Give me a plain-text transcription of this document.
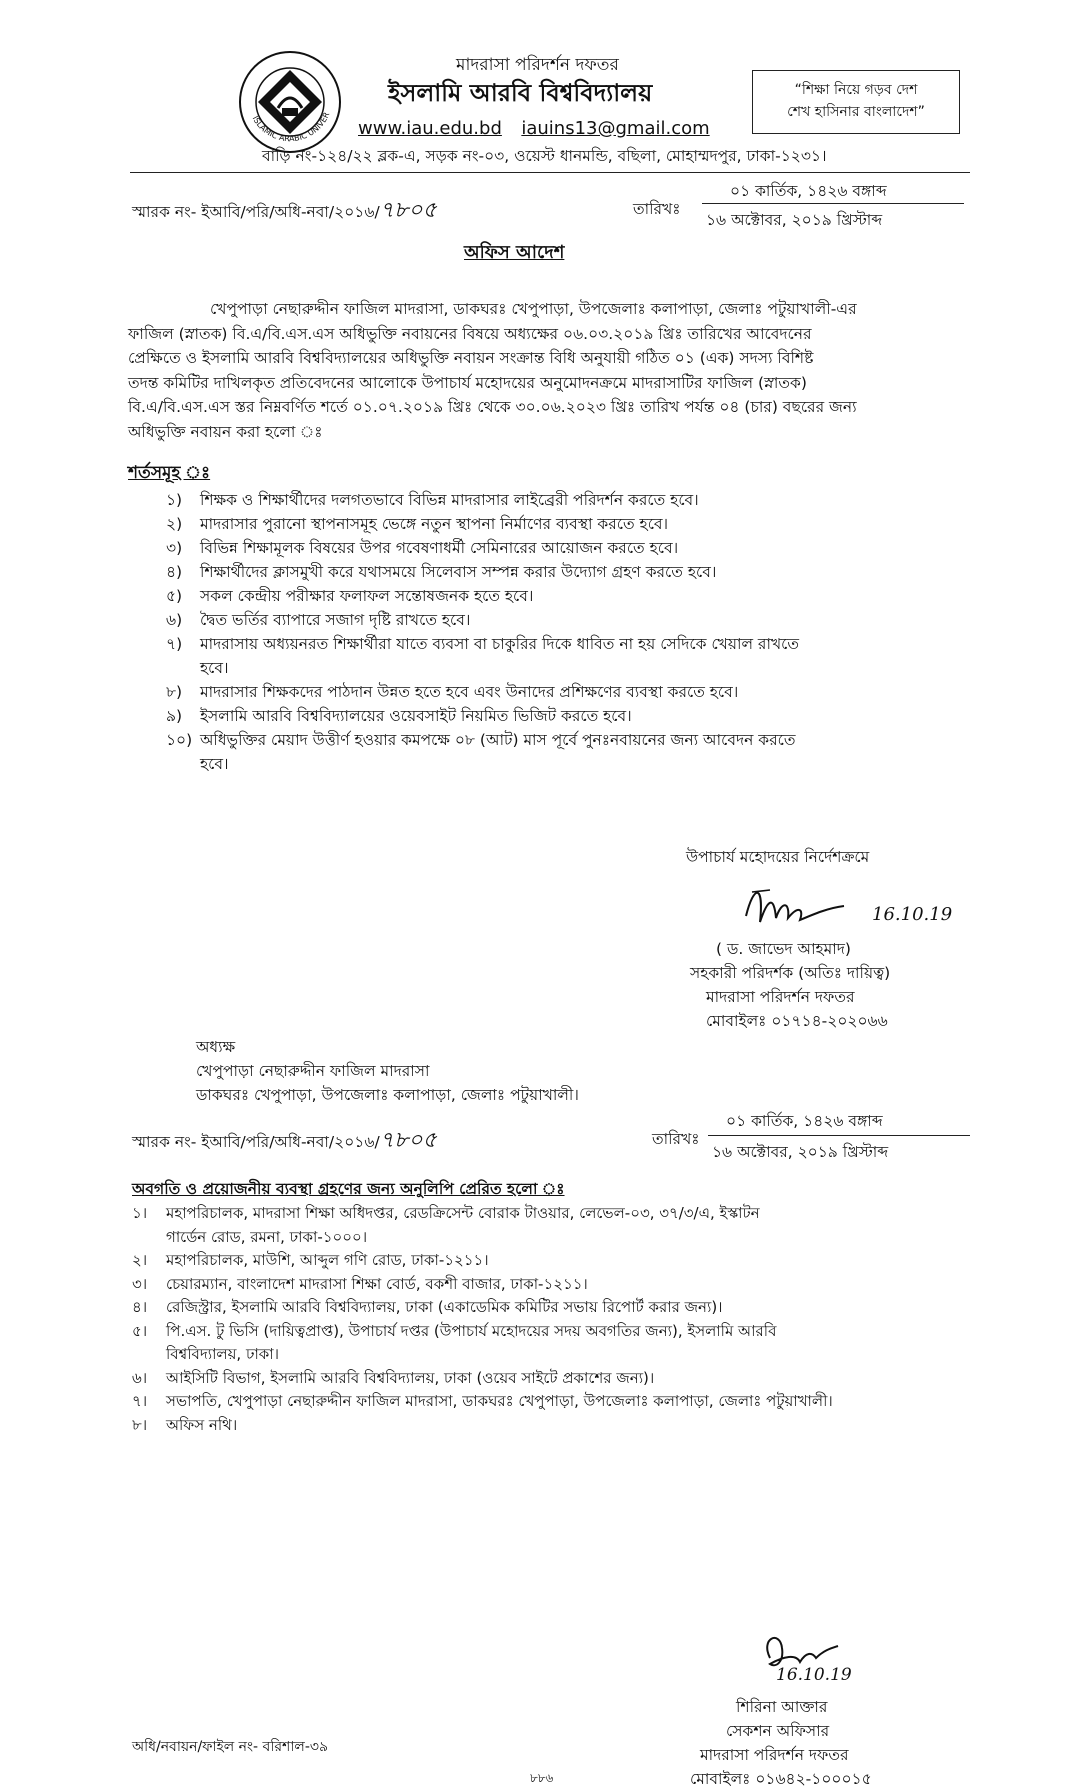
ISLAMIC ARABIC UNIVER
মাদরাসা পরিদর্শন দফতর
ইসলামি আরবি বিশ্ববিদ্যালয়
www.iau.edu.bd iauins13@gmail.com
বাড়ি নং-১২৪/২২ ব্লক-এ, সড়ক নং-০৩, ওয়েস্ট ধানমন্ডি, বছিলা, মোহাম্মদপুর, ঢাকা-১২৩১।
“শিক্ষা নিয়ে গড়ব দেশ
শেখ হাসিনার বাংলাদেশ”
স্মারক নং- ইআবি/পরি/অধি-নবা/২০১৬/৭৮০৫	তারিখঃ
০১ কার্তিক, ১৪২৬ বঙ্গাব্দ
১৬ অক্টোবর, ২০১৯ খ্রিস্টাব্দ
অফিস আদেশ
খেপুপাড়া নেছারুদ্দীন ফাজিল মাদরাসা, ডাকঘরঃ খেপুপাড়া, উপজেলাঃ কলাপাড়া, জেলাঃ পটুয়াখালী-এর
ফাজিল (স্নাতক) বি.এ/বি.এস.এস অধিভুক্তি নবায়নের বিষয়ে অধ্যক্ষের ০৬.০৩.২০১৯ খ্রিঃ তারিখের আবেদনের
প্রেক্ষিতে ও ইসলামি আরবি বিশ্ববিদ্যালয়ের অধিভুক্তি নবায়ন সংক্রান্ত বিধি অনুযায়ী গঠিত ০১ (এক) সদস্য বিশিষ্ট
তদন্ত কমিটির দাখিলকৃত প্রতিবেদনের আলোকে উপাচার্য মহোদয়ের অনুমোদনক্রমে মাদরাসাটির ফাজিল (স্নাতক)
বি.এ/বি.এস.এস স্তর নিম্নবর্ণিত শর্তে ০১.০৭.২০১৯ খ্রিঃ থেকে ৩০.০৬.২০২৩ খ্রিঃ তারিখ পর্যন্ত ০৪ (চার) বছরের জন্য
অধিভুক্তি নবায়ন করা হলো ঃ
শর্তসমূহ ঃ
১) শিক্ষক ও শিক্ষার্থীদের দলগতভাবে বিভিন্ন মাদরাসার লাইব্রেরী পরিদর্শন করতে হবে।
২) মাদরাসার পুরানো স্থাপনাসমূহ ভেঙ্গে নতুন স্থাপনা নির্মাণের ব্যবস্থা করতে হবে।
৩) বিভিন্ন শিক্ষামূলক বিষয়ের উপর গবেষণাধর্মী সেমিনারের আয়োজন করতে হবে।
৪) শিক্ষার্থীদের ক্লাসমুখী করে যথাসময়ে সিলেবাস সম্পন্ন করার উদ্যোগ গ্রহণ করতে হবে।
৫) সকল কেন্দ্রীয় পরীক্ষার ফলাফল সন্তোষজনক হতে হবে।
৬) দ্বৈত ভর্তির ব্যাপারে সজাগ দৃষ্টি রাখতে হবে।
৭) মাদরাসায় অধ্যয়নরত শিক্ষার্থীরা যাতে ব্যবসা বা চাকুরির দিকে ধাবিত না হয় সেদিকে খেয়াল রাখতে
হবে।
৮) মাদরাসার শিক্ষকদের পাঠদান উন্নত হতে হবে এবং উনাদের প্রশিক্ষণের ব্যবস্থা করতে হবে।
৯) ইসলামি আরবি বিশ্ববিদ্যালয়ের ওয়েবসাইট নিয়মিত ভিজিট করতে হবে।
১০) অধিভুক্তির মেয়াদ উত্তীর্ণ হওয়ার কমপক্ষে ০৮ (আট) মাস পূর্বে পুনঃনবায়নের জন্য আবেদন করতে
হবে।
উপাচার্য মহোদয়ের নির্দেশক্রমে
16.10.19
( ড. জাভেদ আহমাদ)
সহকারী পরিদর্শক (অতিঃ দায়িত্ব)
মাদরাসা পরিদর্শন দফতর
মোবাইলঃ ০১৭১৪-২০২০৬৬
অধ্যক্ষ
খেপুপাড়া নেছারুদ্দীন ফাজিল মাদরাসা
ডাকঘরঃ খেপুপাড়া, উপজেলাঃ কলাপাড়া, জেলাঃ পটুয়াখালী।
স্মারক নং- ইআবি/পরি/অধি-নবা/২০১৬/৭৮০৫	তারিখঃ
০১ কার্তিক, ১৪২৬ বঙ্গাব্দ
১৬ অক্টোবর, ২০১৯ খ্রিস্টাব্দ
অবগতি ও প্রয়োজনীয় ব্যবস্থা গ্রহণের জন্য অনুলিপি প্রেরিত হলো ঃ
১। মহাপরিচালক, মাদরাসা শিক্ষা অধিদপ্তর, রেডক্রিসেন্ট বোরাক টাওয়ার, লেভেল-০৩, ৩৭/৩/এ, ইস্কাটন
গার্ডেন রোড, রমনা, ঢাকা-১০০০।
২। মহাপরিচালক, মাউশি, আব্দুল গণি রোড, ঢাকা-১২১১।
৩। চেয়ারম্যান, বাংলাদেশ মাদরাসা শিক্ষা বোর্ড, বকশী বাজার, ঢাকা-১২১১।
৪। রেজিস্ট্রার, ইসলামি আরবি বিশ্ববিদ্যালয়, ঢাকা (একাডেমিক কমিটির সভায় রিপোর্ট করার জন্য)।
৫। পি.এস. টু ভিসি (দায়িত্বপ্রাপ্ত), উপাচার্য দপ্তর (উপাচার্য মহোদয়ের সদয় অবগতির জন্য), ইসলামি আরবি
বিশ্ববিদ্যালয়, ঢাকা।
৬। আইসিটি বিভাগ, ইসলামি আরবি বিশ্ববিদ্যালয়, ঢাকা (ওয়েব সাইটে প্রকাশের জন্য)।
৭। সভাপতি, খেপুপাড়া নেছারুদ্দীন ফাজিল মাদরাসা, ডাকঘরঃ খেপুপাড়া, উপজেলাঃ কলাপাড়া, জেলাঃ পটুয়াখালী।
৮। অফিস নথি।
16.10.19
শিরিনা আক্তার
সেকশন অফিসার
মাদরাসা পরিদর্শন দফতর
মোবাইলঃ ০১৬৪২-১০০০১৫
অধি/নবায়ন/ফাইল নং- বরিশাল-৩৯
৮৮৬
